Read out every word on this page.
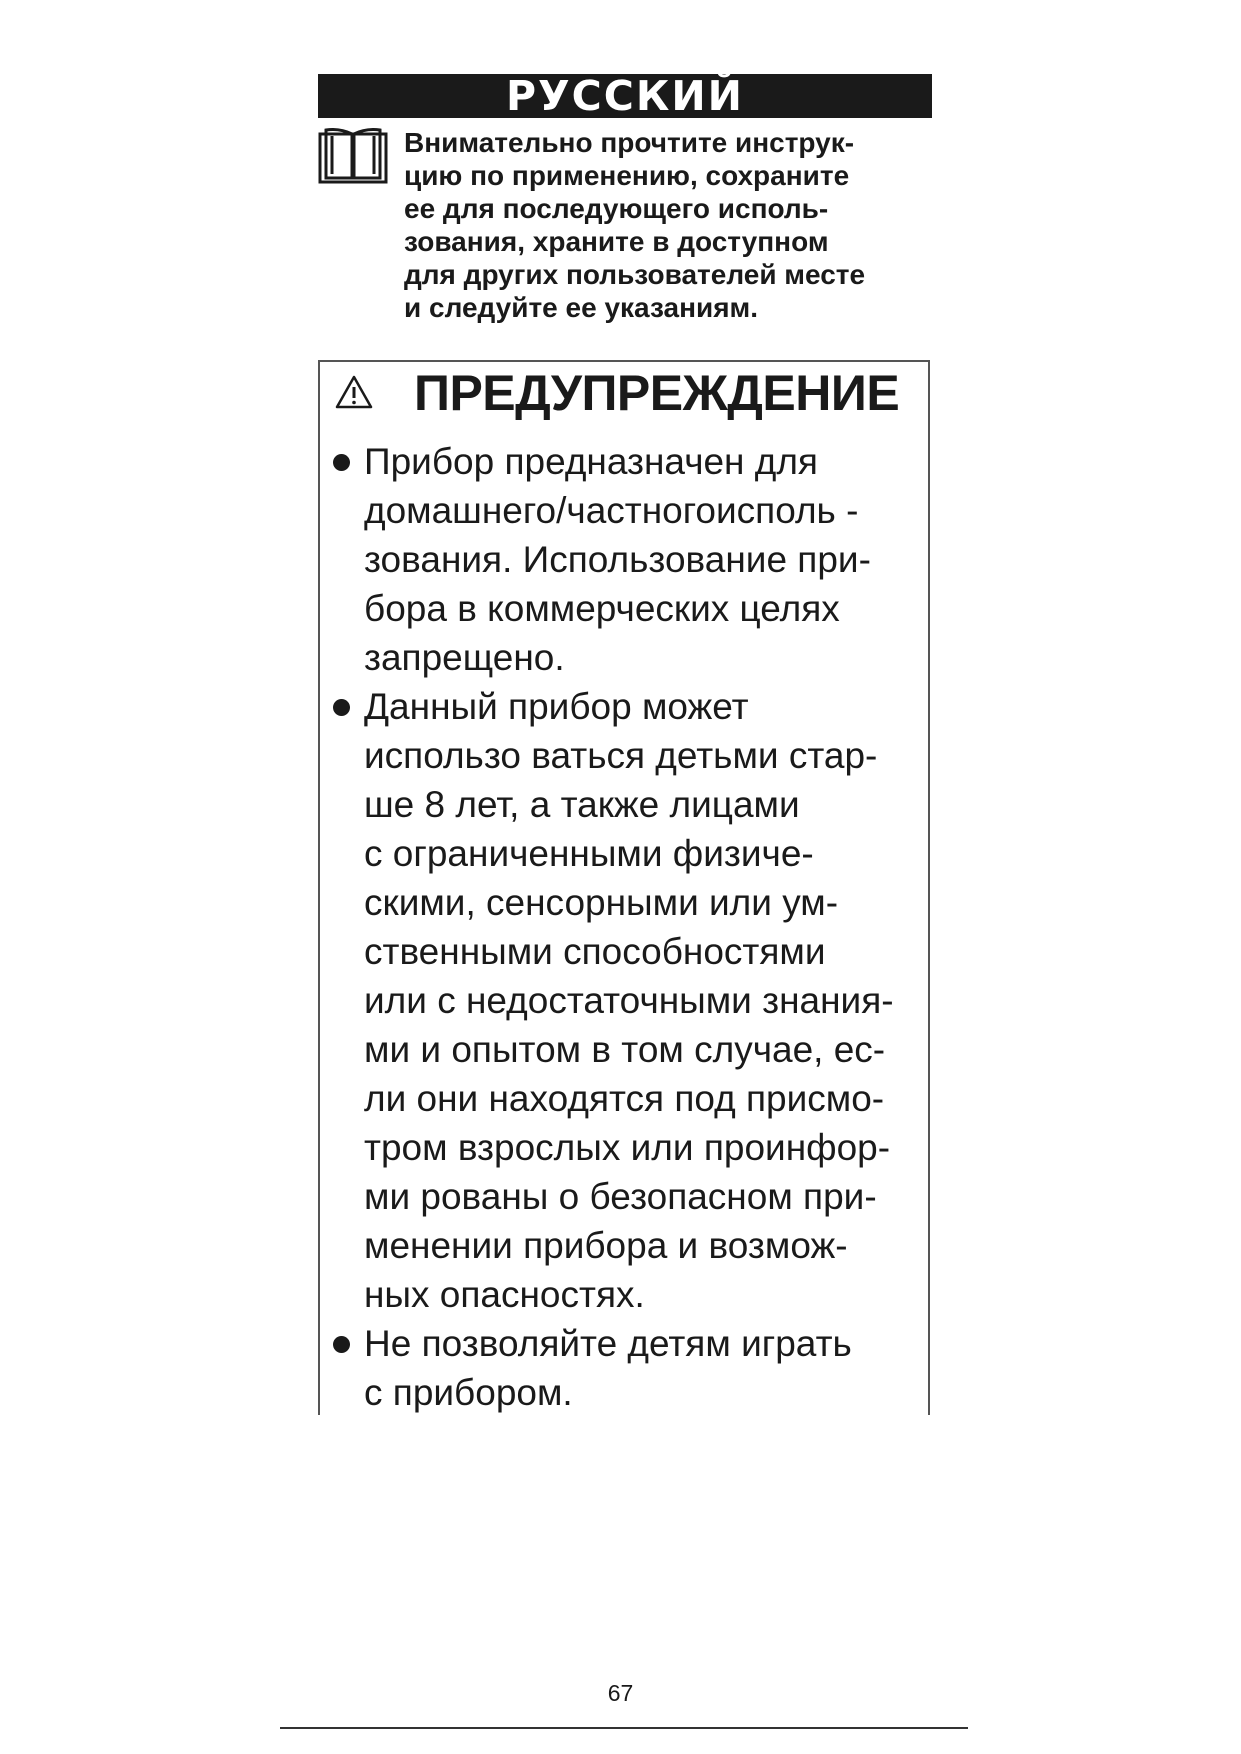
РУССКИЙ
Внимательно прочтите инструк-
цию по применению, сохраните
ее для последующего исполь-
зования, храните в доступном
для других пользователей месте
и следуйте ее указаниям.
ПРЕДУПРЕЖДЕНИЕ
Прибор предназначен для
домашнего/частногоисполь -
зования. Использование при-
бора в коммерческих целях
запрещено.
Данный прибор может
использо ваться детьми стар-
ше 8 лет, а также лицами
с ограниченными физиче-
скими, сенсорными или ум-
ственными способностями
или с недостаточными знания-
ми и опытом в том случае, ес-
ли они находятся под присмо-
тром взрослых или проинфор-
ми рованы о безопасном при-
менении прибора и возмож-
ных опасностях.
Не позволяйте детям играть
с прибором.
67
